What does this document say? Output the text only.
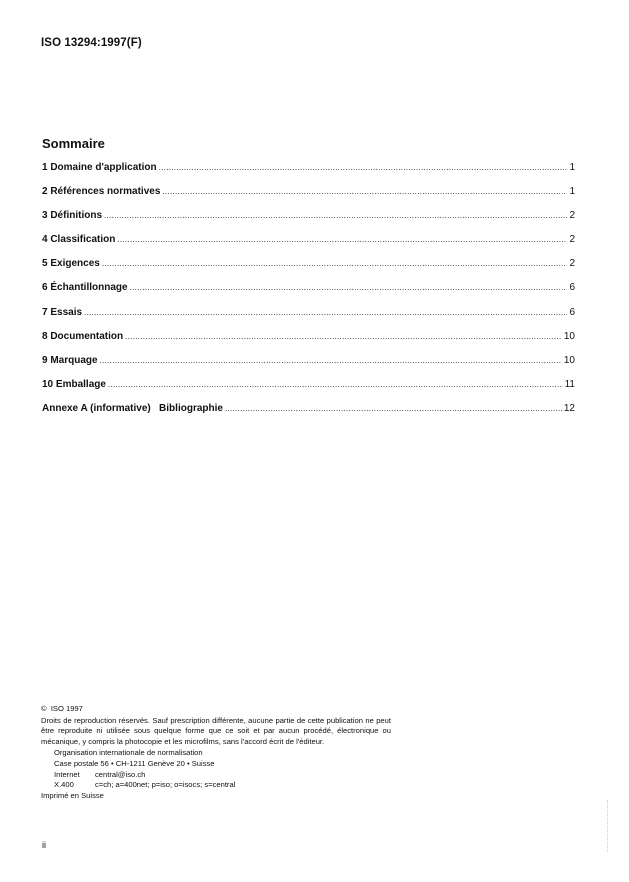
ISO 13294:1997(F)
Sommaire
1 Domaine d'application .....	1
2 Références normatives .....	1
3 Définitions .....	2
4 Classification .....	2
5 Exigences .....	2
6 Échantillonnage .....	6
7 Essais .....	6
8 Documentation .....	10
9 Marquage .....	10
10 Emballage .....	11
Annexe A (informative)   Bibliographie .....	12
©  ISO 1997
Droits de reproduction réservés. Sauf prescription différente, aucune partie de cette publication ne peut être reproduite ni utilisée sous quelque forme que ce soit et par aucun procédé, électronique ou mécanique, y compris la photocopie et les microfilms, sans l'accord écrit de l'éditeur.
Organisation internationale de normalisation
Case postale 56 • CH-1211 Genève 20 • Suisse
Internet	central@iso.ch
X.400	c=ch; a=400net; p=iso; o=isocs; s=central
Imprimé en Suisse
ii
